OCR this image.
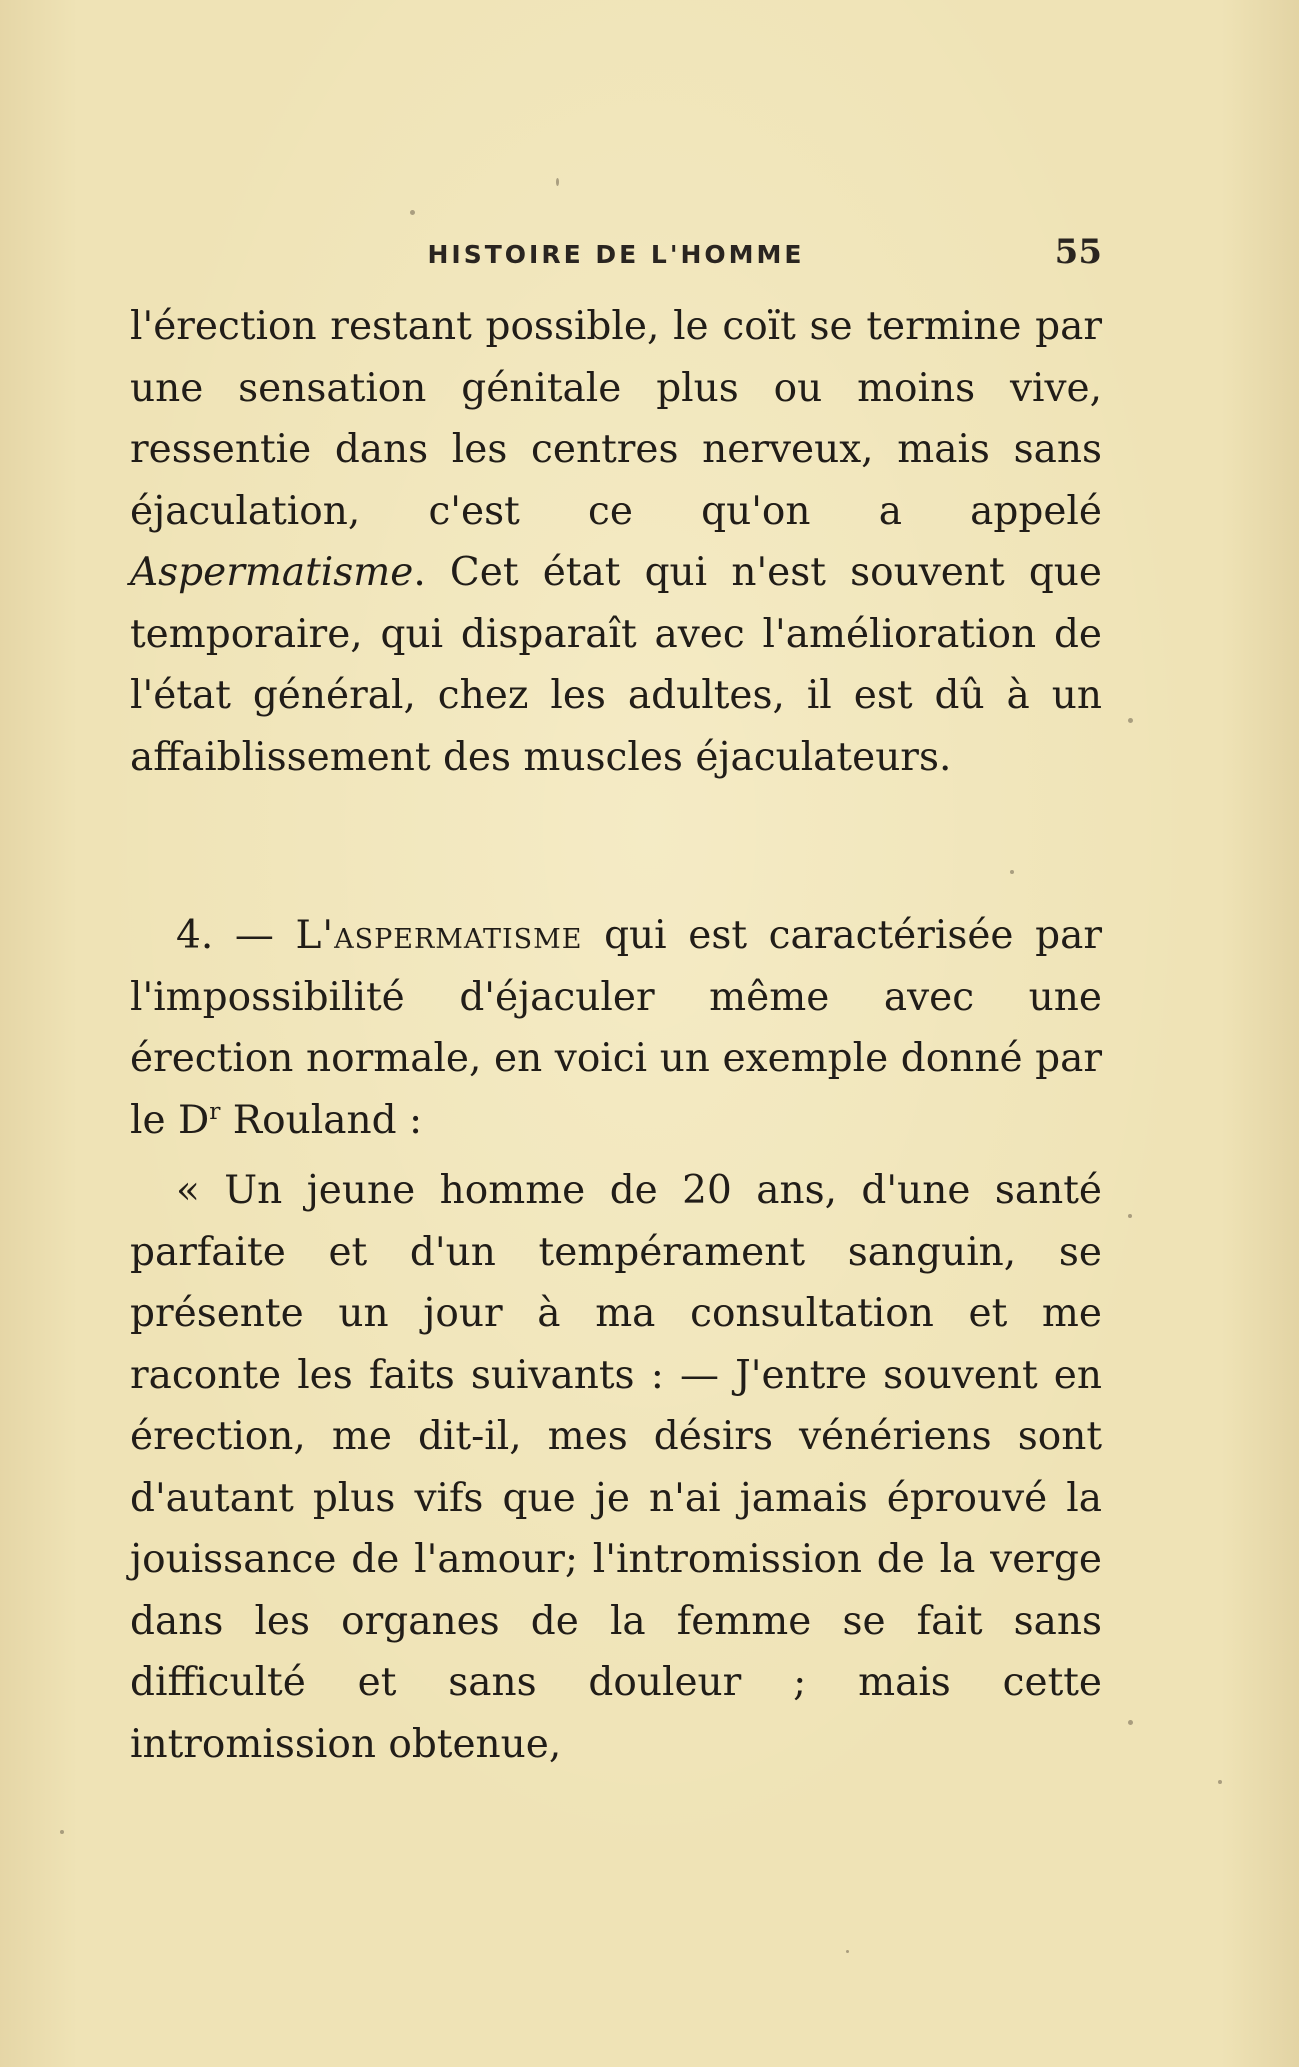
HISTOIRE DE L'HOMME	55

l'érection restant possible, le coït se termine par une sensation génitale plus ou moins vive, ressentie dans les centres nerveux, mais sans éjaculation, c'est ce qu'on a appelé Aspermatisme. Cet état qui n'est souvent que temporaire, qui disparaît avec l'amélioration de l'état général, chez les adultes, il est dû à un affaiblissement des muscles éjaculateurs.

4. — L'aspermatisme qui est caractérisée par l'impossibilité d'éjaculer même avec une érection normale, en voici un exemple donné par le $D^r$ Rouland :

« Un jeune homme de 20 ans, d'une santé parfaite et d'un tempérament sanguin, se présente un jour à ma consultation et me raconte les faits suivants : — J'entre souvent en érection, me dit-il, mes désirs vénériens sont d'autant plus vifs que je n'ai jamais éprouvé la jouissance de l'amour; l'intromission de la verge dans les organes de la femme se fait sans difficulté et sans douleur ; mais cette intromission obtenue,
